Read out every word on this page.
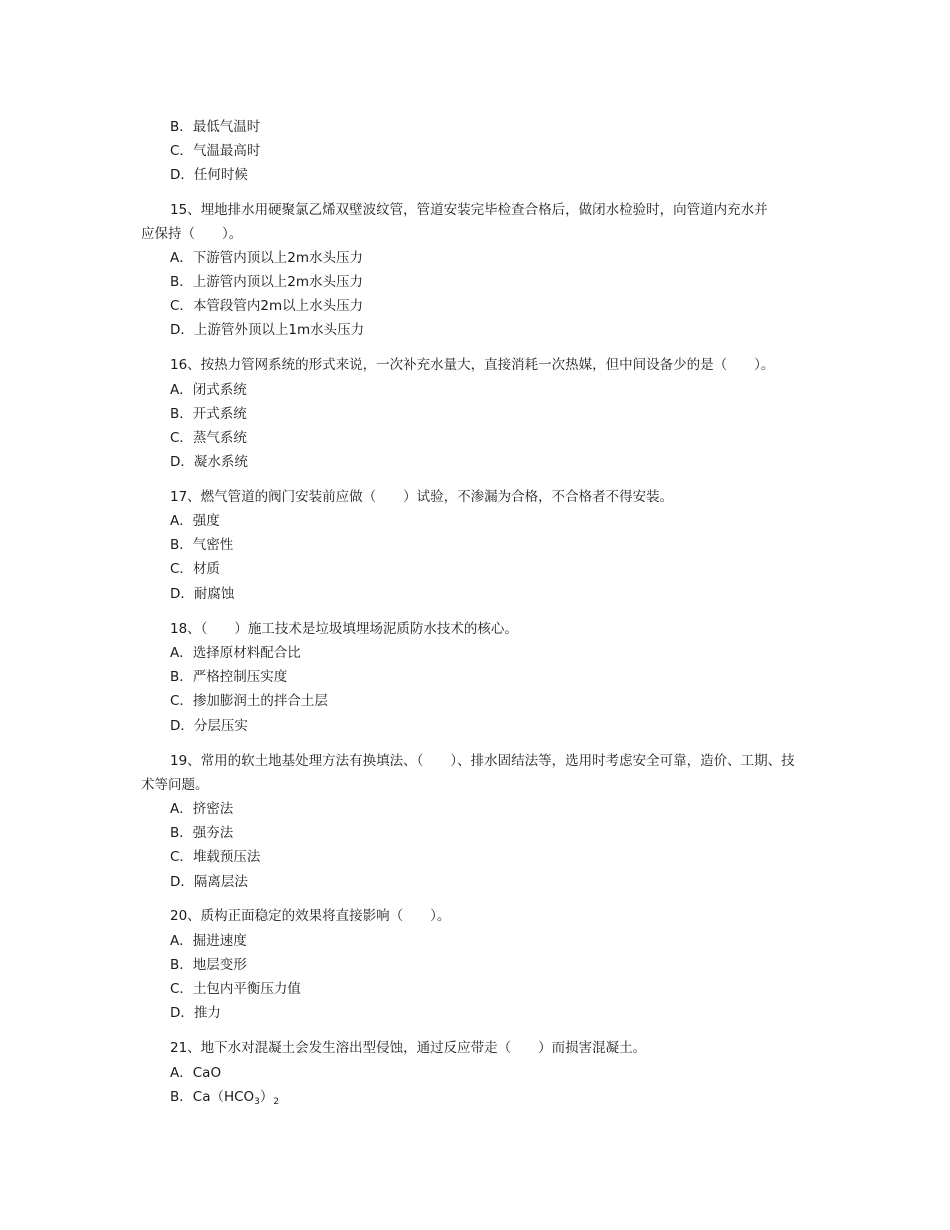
B．最低气温时
C．气温最高时
D．任何时候
15、埋地排水用硬聚氯乙烯双壁波纹管，管道安装完毕检查合格后，做闭水检验时，向管道内充水并
应保持（　　）。
A．下游管内顶以上2m水头压力
B．上游管内顶以上2m水头压力
C．本管段管内2m以上水头压力
D．上游管外顶以上1m水头压力
16、按热力管网系统的形式来说，一次补充水量大，直接消耗一次热媒，但中间设备少的是（　　）。
A．闭式系统
B．开式系统
C．蒸气系统
D．凝水系统
17、燃气管道的阀门安装前应做（　　）试验，不渗漏为合格，不合格者不得安装。
A．强度
B．气密性
C．材质
D．耐腐蚀
18、（　　）施工技术是垃圾填埋场泥质防水技术的核心。
A．选择原材料配合比
B．严格控制压实度
C．掺加膨润土的拌合土层
D．分层压实
19、常用的软土地基处理方法有换填法、（　　）、排水固结法等，选用时考虑安全可靠，造价、工期、技
术等问题。
A．挤密法
B．强夯法
C．堆载预压法
D．隔离层法
20、质构正面稳定的效果将直接影响（　　）。
A．掘进速度
B．地层变形
C．土包内平衡压力值
D．推力
21、地下水对混凝土会发生溶出型侵蚀，通过反应带走（　　）而损害混凝土。
A．CaO
B．$Ca(HCO_3)_2$
